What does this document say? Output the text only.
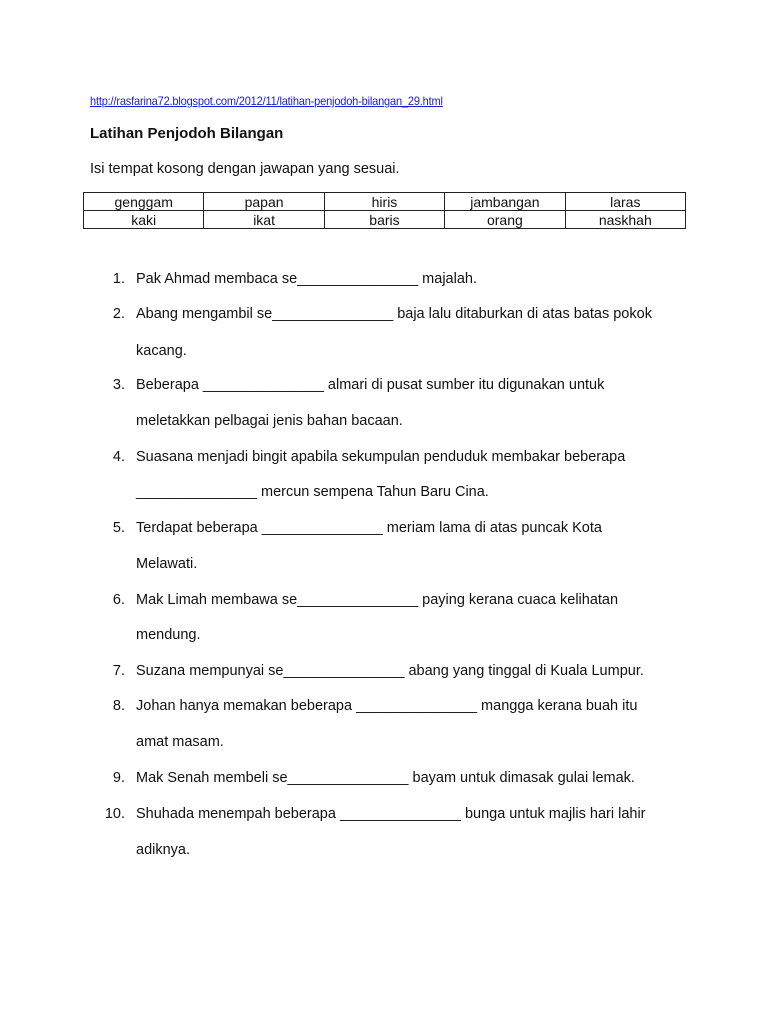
http://rasfarina72.blogspot.com/2012/11/latihan-penjodoh-bilangan_29.html
Latihan Penjodoh Bilangan

Isi tempat kosong dengan jawapan yang sesuai.

genggam	papan	hiris	jambangan	laras
kaki	ikat	baris	orang	naskhah
1. Pak Ahmad membaca se_______________ majalah.
2. Abang mengambil se_______________ baja lalu ditaburkan di atas batas pokok
kacang.
3. Beberapa _______________ almari di pusat sumber itu digunakan untuk
meletakkan pelbagai jenis bahan bacaan.
4. Suasana menjadi bingit apabila sekumpulan penduduk membakar beberapa
_______________ mercun sempena Tahun Baru Cina.
5. Terdapat beberapa _______________ meriam lama di atas puncak Kota
Melawati.
6. Mak Limah membawa se_______________ paying kerana cuaca kelihatan
mendung.
7. Suzana mempunyai se_______________ abang yang tinggal di Kuala Lumpur.
8. Johan hanya memakan beberapa _______________ mangga kerana buah itu
amat masam.
9. Mak Senah membeli se_______________ bayam untuk dimasak gulai lemak.
10. Shuhada menempah beberapa _______________ bunga untuk majlis hari lahir
adiknya.
